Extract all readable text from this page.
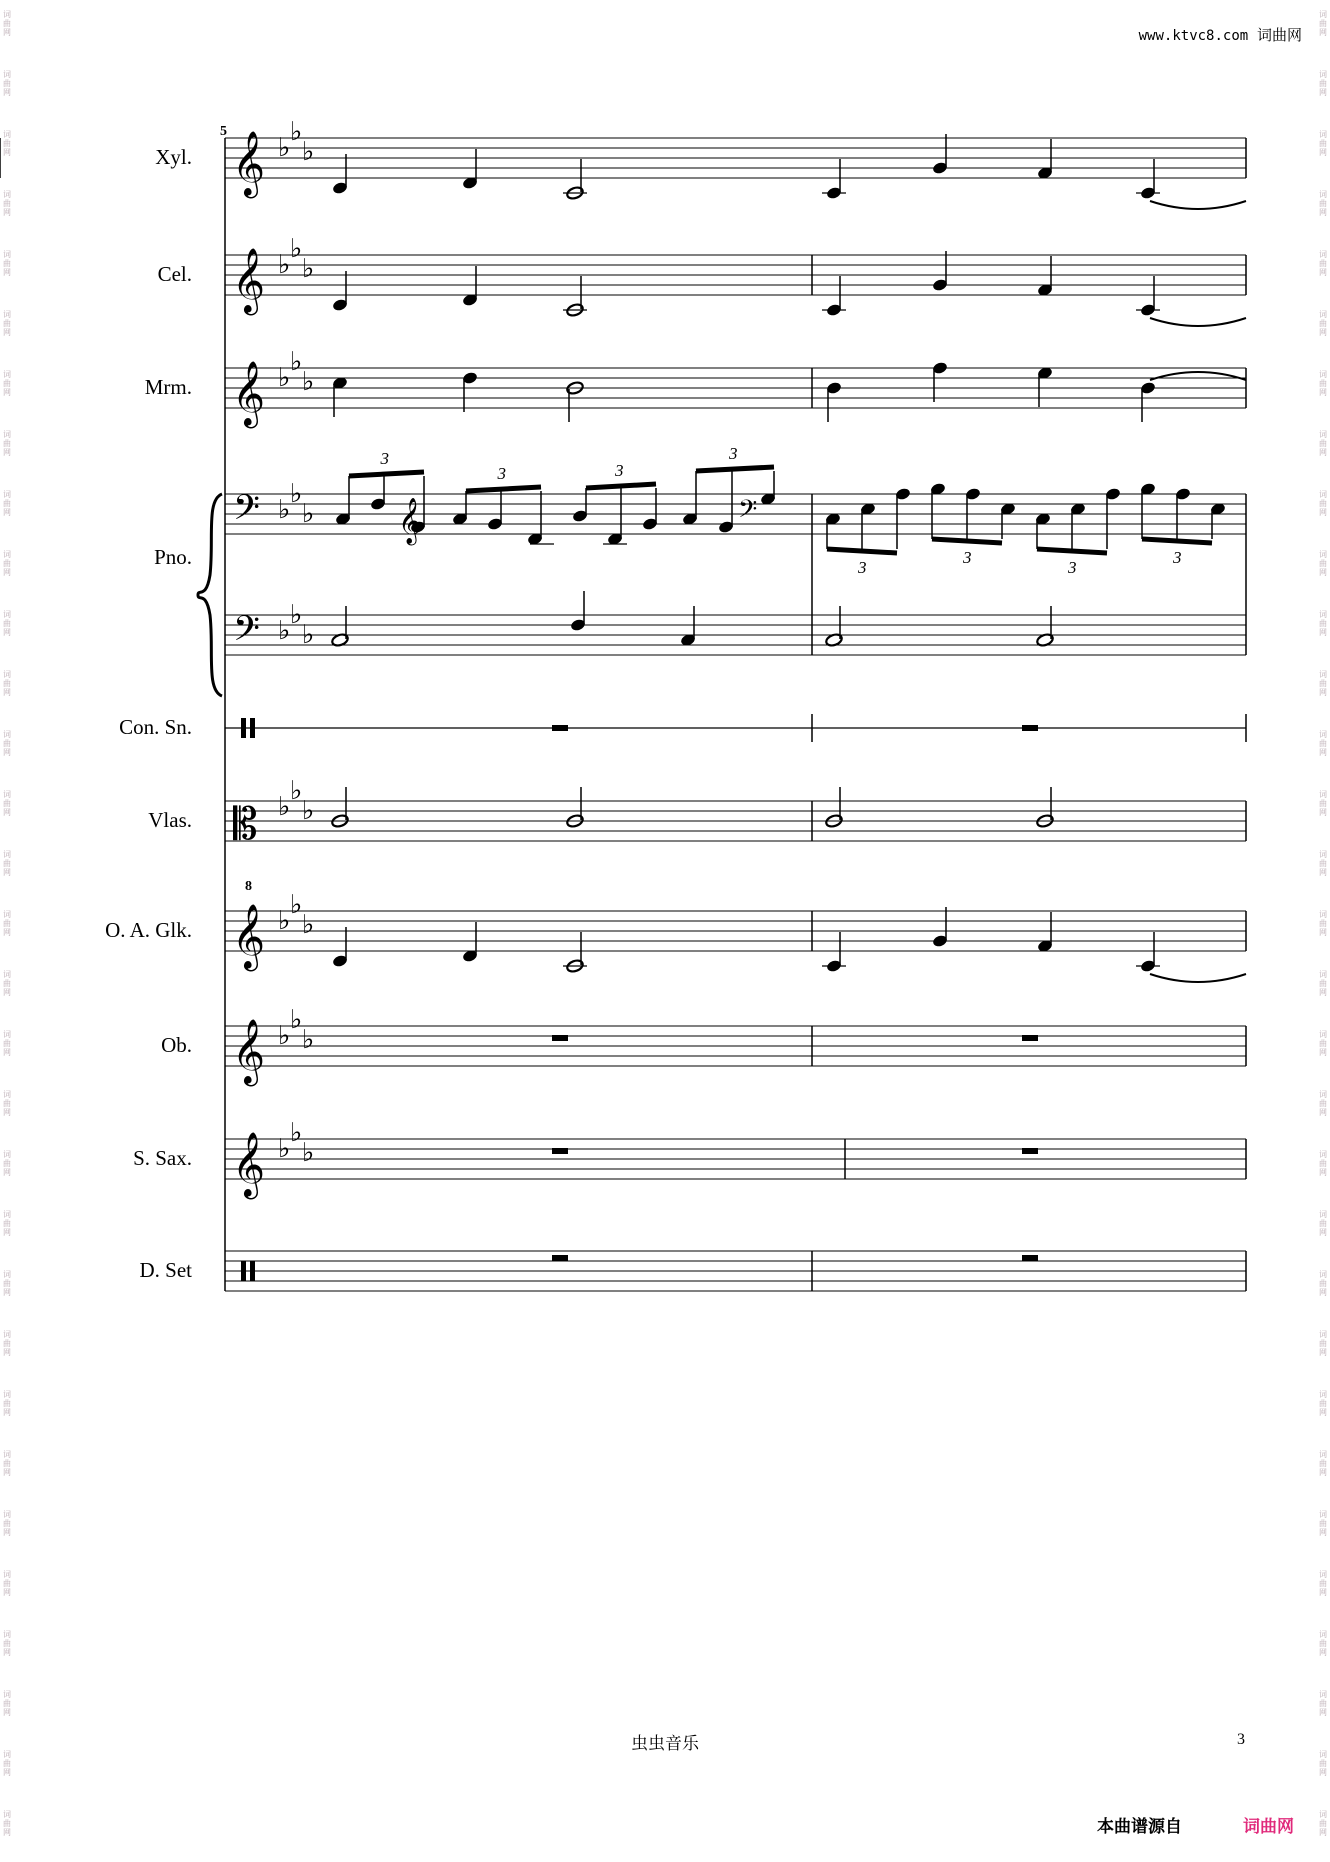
词
曲
网
词
曲
网
词
曲
网
词
曲
网
词
曲
网
词
曲
网
词
曲
网
词
曲
网
词
曲
网
词
曲
网
词
曲
网
词
曲
网
词
曲
网
词
曲
网
词
曲
网
词
曲
网
词
曲
网
词
曲
网
词
曲
网
词
曲
网
词
曲
网
词
曲
网
词
曲
网
词
曲
网
词
曲
网
词
曲
网
词
曲
网
词
曲
网
词
曲
网
词
曲
网
词
曲
网
词
曲
网
词
曲
网
词
曲
网
词
曲
网
词
曲
网
词
曲
网
词
曲
网
词
曲
网
词
曲
网
词
曲
网
词
曲
网
词
曲
网
词
曲
网
词
曲
网
词
曲
网
词
曲
网
词
曲
网
词
曲
网
词
曲
网
词
曲
网
词
曲
网
词
曲
网
词
曲
网
词
曲
网
词
曲
网
词
曲
网
词
曲
网
词
曲
网
词
曲
网
词
曲
网
词
曲
网
www.ktvc8.com 词曲网
5 𝄞 ♭
♭
♭
𝄞 ♭
♭
♭
𝄞 ♭
♭
♭
𝄢 ♭
♭
♭
𝄢 ♭
♭
♭
𝄡 ♭
♭
♭
𝄞 ♭
♭
♭
𝄞 ♭
♭
♭
𝄞 ♭
♭
♭
8
3
3	3
3
𝄞	𝄢
3
3
3
3
Xyl.
Cel.
Mrm.
Pno.
Con. Sn.
Vlas.
O. A. Glk.
Ob.
S. Sax.
D. Set
虫虫音乐	3
本曲谱源自	词曲网
